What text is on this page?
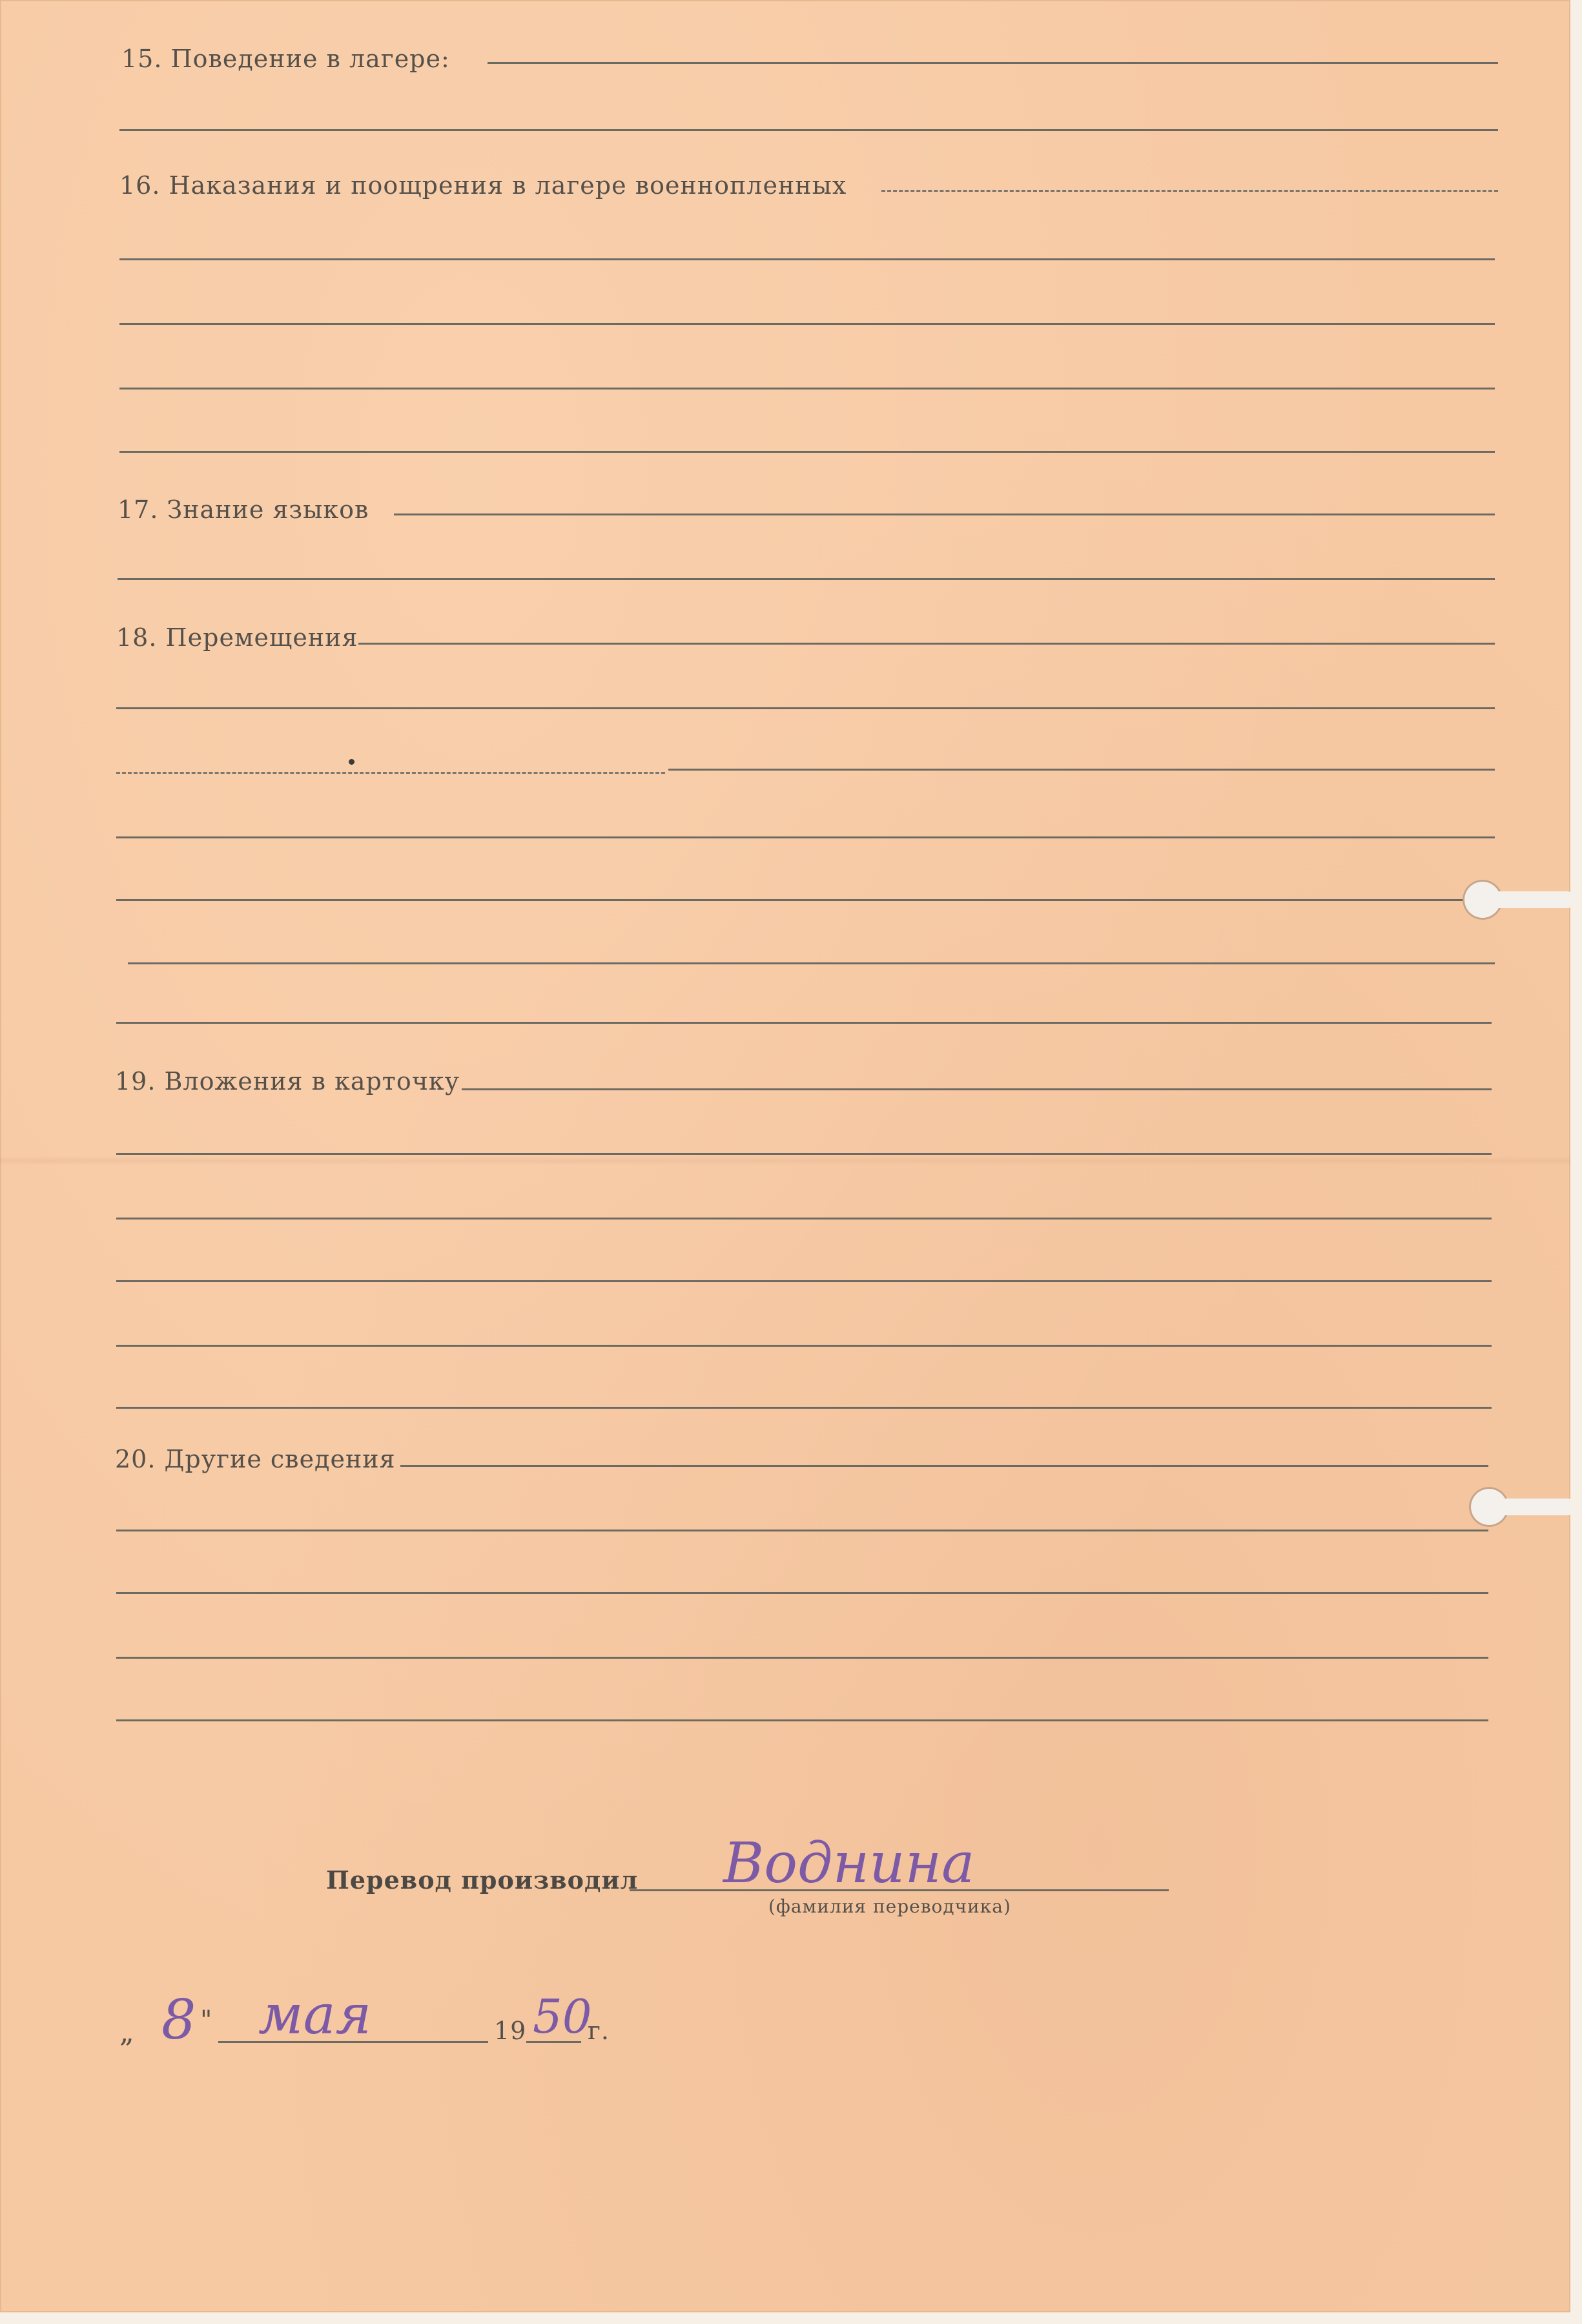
15. Поведение в лагере:
16. Наказания и поощрения в лагере военнопленных
17. Знание языков
18. Перемещения
19. Вложения в карточку
20. Другие сведения
Перевод производил Воднина
(фамилия переводчика)
„ 8 " мая	19 50
г.
